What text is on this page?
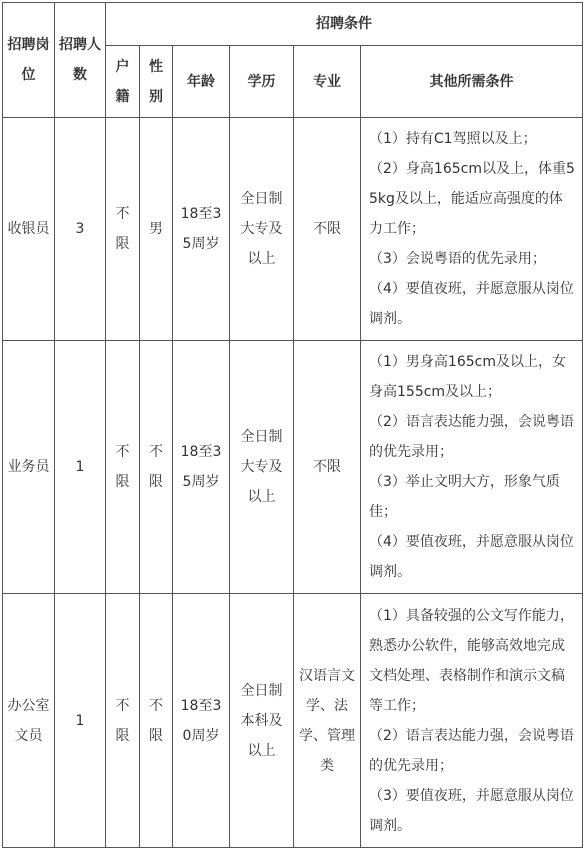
招聘岗位	招聘人数	招聘条件					
		户籍	性别	年龄	学历	专业	其他所需条件
收银员	3	不限	男	18至35周岁	全日制大专及以上	不限	（1）持有C1驾照以及上；
（2）身高165cm以及上，体重55kg及以上，能适应高强度的体力工作；
（3）会说粤语的优先录用；
（4）要值夜班，并愿意服从岗位调剂。

业务员	1	不限	不限	18至35周岁	全日制大专及以上	不限	（1）男身高165cm及以上，女身高155cm及以上；
（2）语言表达能力强，会说粤语的优先录用；
（3）举止文明大方，形象气质佳；
（4）要值夜班，并愿意服从岗位调剂。

办公室文员	1	不限	不限	18至30周岁	全日制本科及以上	汉语言文学、法学、管理类	（1）具备较强的公文写作能力，熟悉办公软件，能够高效地完成文档处理、表格制作和演示文稿等工作；
（2）语言表达能力强，会说粤语的优先录用；
（3）要值夜班，并愿意服从岗位调剂。
